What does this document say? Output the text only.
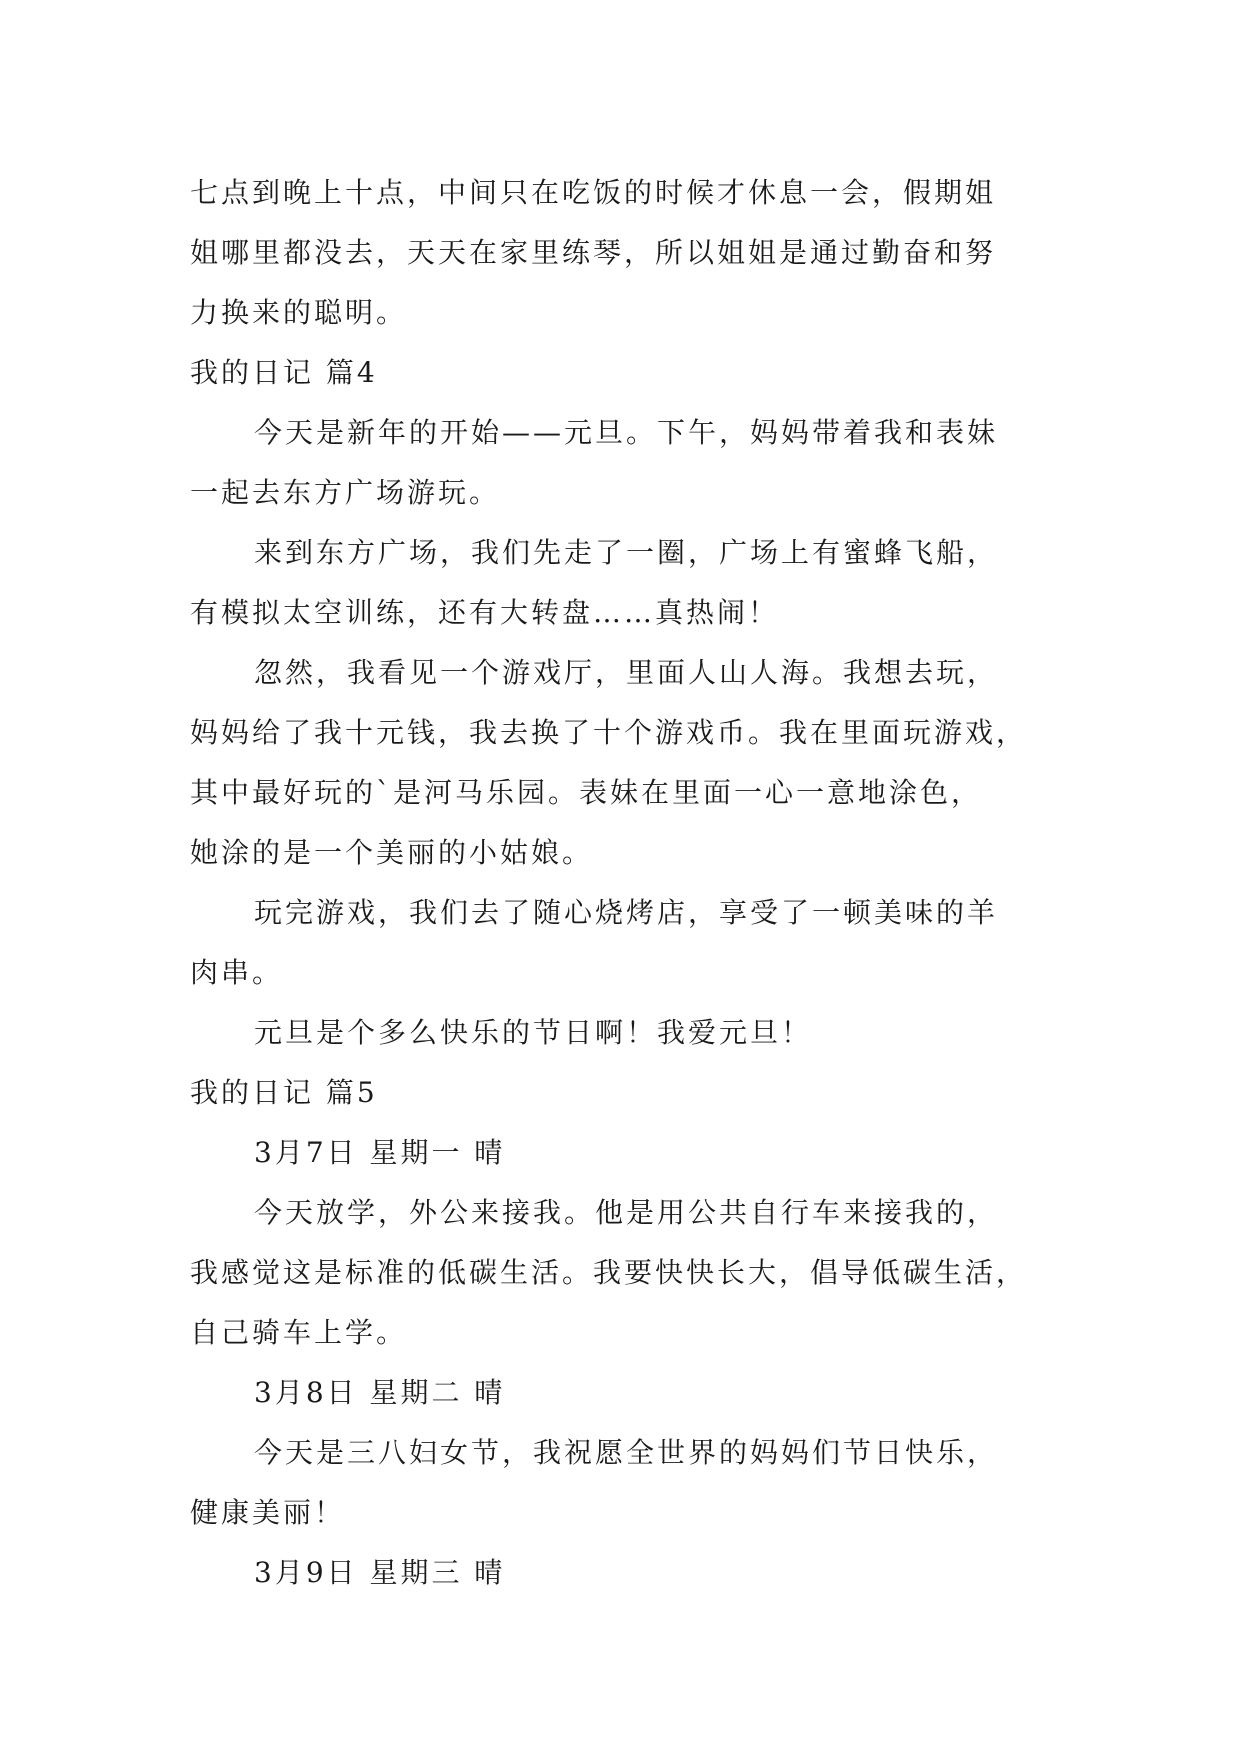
七点到晚上十点，中间只在吃饭的时候才休息一会，假期姐
姐哪里都没去，天天在家里练琴，所以姐姐是通过勤奋和努
力换来的聪明。
我的日记 篇4
今天是新年的开始——元旦。下午，妈妈带着我和表妹
一起去东方广场游玩。
来到东方广场，我们先走了一圈，广场上有蜜蜂飞船，
有模拟太空训练，还有大转盘……真热闹！
忽然，我看见一个游戏厅，里面人山人海。我想去玩，
妈妈给了我十元钱，我去换了十个游戏币。我在里面玩游戏，
其中最好玩的`是河马乐园。表妹在里面一心一意地涂色，
她涂的是一个美丽的小姑娘。
玩完游戏，我们去了随心烧烤店，享受了一顿美味的羊
肉串。
元旦是个多么快乐的节日啊！我爱元旦！
我的日记 篇5
3月7日 星期一 晴
今天放学，外公来接我。他是用公共自行车来接我的，
我感觉这是标准的低碳生活。我要快快长大，倡导低碳生活，
自己骑车上学。
3月8日 星期二 晴
今天是三八妇女节，我祝愿全世界的妈妈们节日快乐，
健康美丽！
3月9日 星期三 晴
